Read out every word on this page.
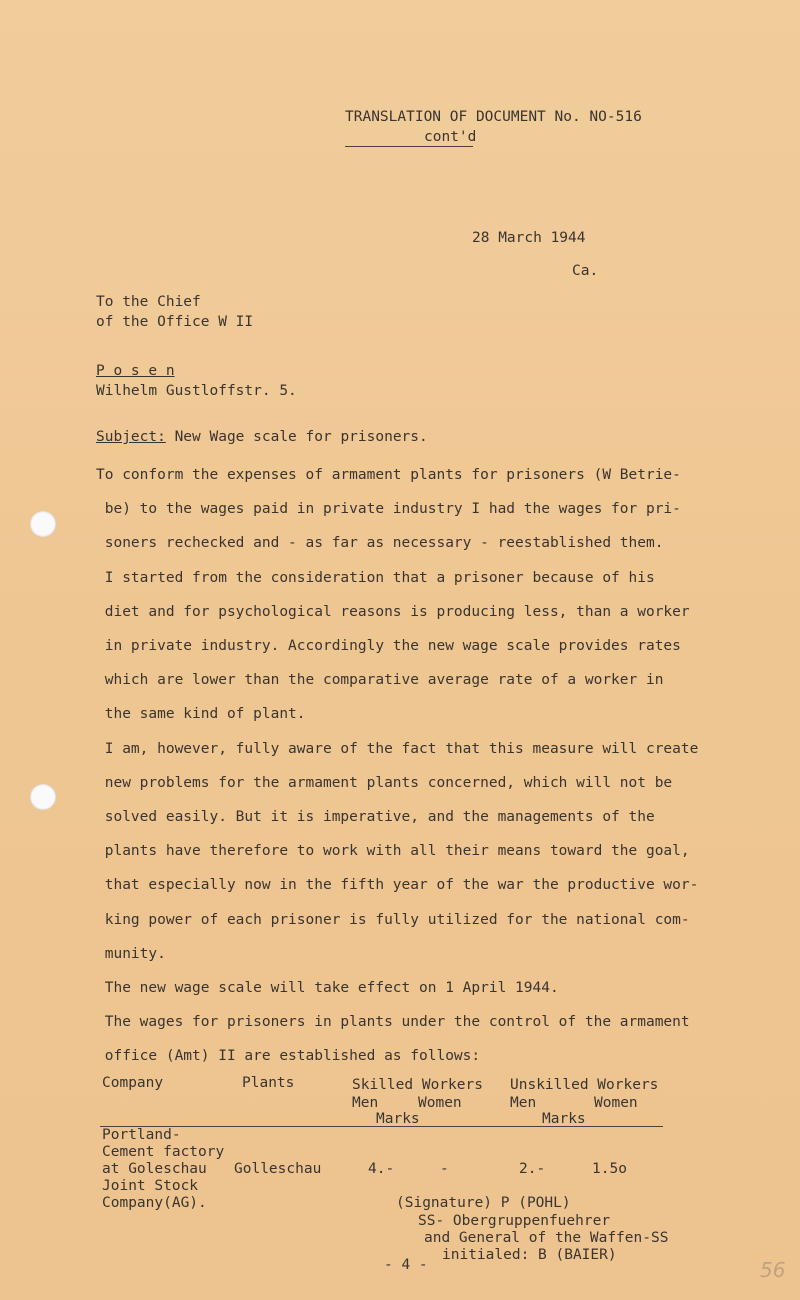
TRANSLATION OF DOCUMENT No. NO-516
cont'd
28 March 1944
Ca.
To the Chief
of the Office W II
P o s e n
Wilhelm Gustloffstr. 5.
Subject: New Wage scale for prisoners.
To conform the expenses of armament plants for prisoners (W Betrie-
be) to the wages paid in private industry I had the wages for pri-
soners rechecked and - as far as necessary - reestablished them.
I started from the consideration that a prisoner because of his
diet and for psychological reasons is producing less, than a worker
in private industry. Accordingly the new wage scale provides rates
which are lower than the comparative average rate of a worker in
the same kind of plant.
I am, however, fully aware of the fact that this measure will create
new problems for the armament plants concerned, which will not be
solved easily. But it is imperative, and the managements of the
plants have therefore to work with all their means toward the goal,
that especially now in the fifth year of the war the productive wor-
king power of each prisoner is fully utilized for the national com-
munity.
The new wage scale will take effect on 1 April 1944.
The wages for prisoners in plants under the control of the armament
office (Amt) II are established as follows:
Company	Plants	Skilled Workers Unskilled Workers
Men	Women	Men	Women
Marks	Marks
Portland-
Cement factory
at Goleschau
Joint Stock
Company(AG).
Golleschau	4.-	-	2.-	1.5o
(Signature) P (POHL)
SS- Obergruppenfuehrer
and General of the Waffen-SS
initialed: B (BAIER)
- 4 -	56
